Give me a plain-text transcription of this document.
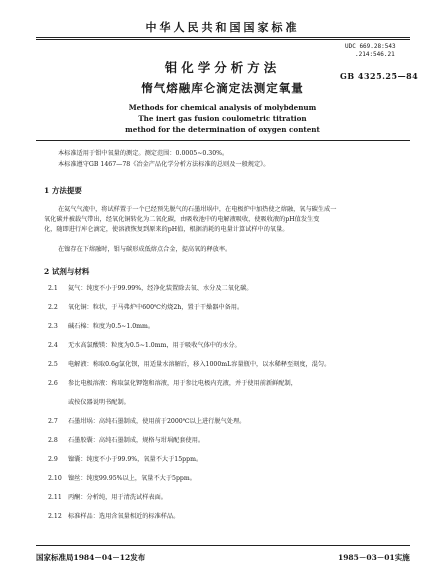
中华人民共和国国家标准
UDC 669.28:543
.214:546.21
GB 4325.25—84
钼化学分析方法
惰气熔融库仑滴定法测定氧量
Methods for chemical analysis of molybdenum
The inert gas fusion coulometric titration
method for the determination of oxygen content
本标准适用于钼中氧量的测定。测定范围：0.0005~0.30%。
本标准遵守GB 1467—78《冶金产品化学分析方法标准的总则及一般规定》。
1 方法提要
在氦气气流中，将试样置于一个已经预先脱气的石墨坩埚中，在电极炉中加热使之熔融，氧与碳生成一
氧化碳并被载气带出，经氧化铜转化为二氧化碳，由吸收池中的电解液吸收，使吸收液的pH值发生变
化，随即进行库仑滴定，使溶液恢复到原来的pH值，根据消耗的电量计算试样中的氧量。
在镍存在下熔融时，钼与碳形成低熔点合金，提高氧的释放率。
2 试剂与材料
2.1 氦气：纯度不小于99.99%，经净化装置除去氧、水分及二氧化碳。
2.2 氧化铜：粒状，于马弗炉中600℃灼烧2h，置于干燥器中备用。
2.3 碱石棉：粒度为0.5~1.0mm。
2.4 无水高氯酸镁：粒度为0.5~1.0mm，用于吸收气体中的水分。
2.5 电解液：称取0.6g氯化钡，用适量水溶解后，移入1000mL容量瓶中，以水稀释至刻度，混匀。
2.6 参比电极溶液：称取氯化钾饱和溶液，用于参比电极内充液，并于使用前新鲜配制，
或按仪器说明书配制。
2.7 石墨坩埚：高纯石墨制成，使用前于2000℃以上进行脱气处理。
2.8 石墨胶囊：高纯石墨制成，规格与坩埚配套使用。
2.9 镍囊：纯度不小于99.9%，氧量不大于15ppm。
2.10 镍丝：纯度99.95%以上，氧量不大于5ppm。
2.11 丙酮：分析纯，用于清洗试样表面。
2.12 标准样品：选用含氧量相近的标准样品。
国家标准局1984－04－12发布	1985－03－01实施
